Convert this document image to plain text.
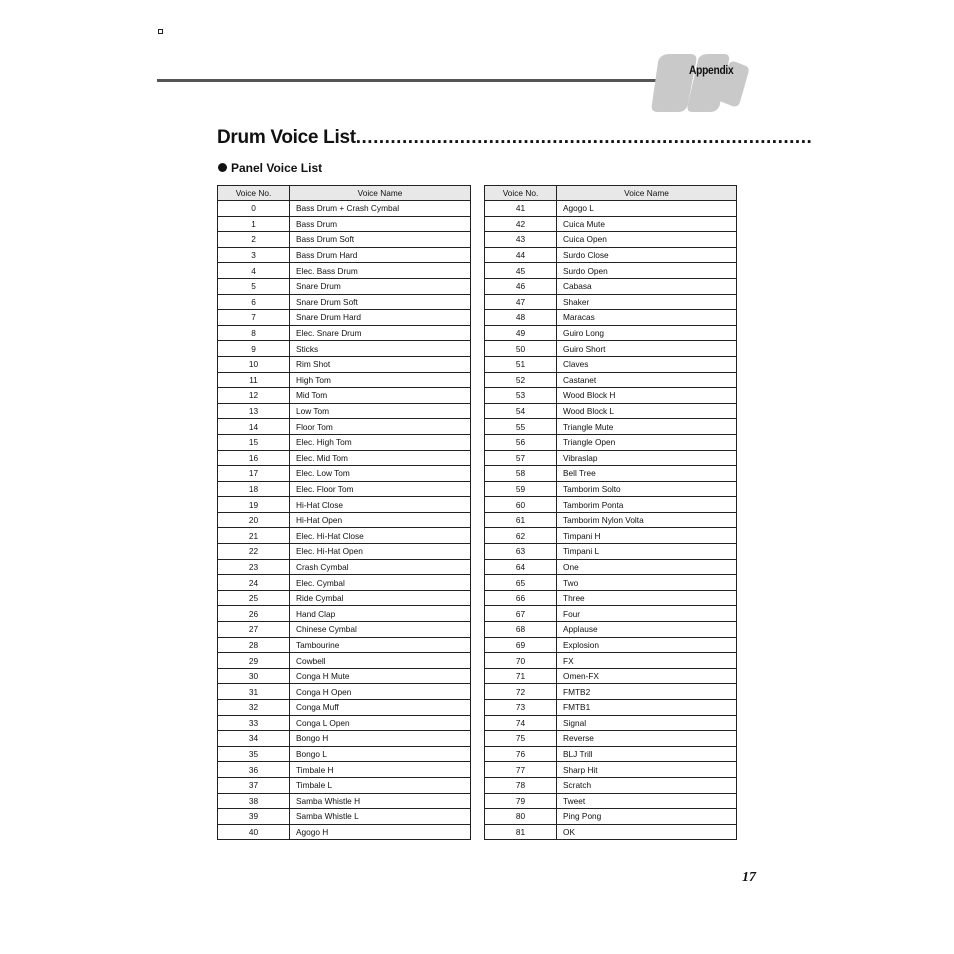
Appendix
Drum Voice List...............................................................................
Panel Voice List
Voice No.	Voice Name
0	Bass Drum + Crash Cymbal
1	Bass Drum
2	Bass Drum Soft
3	Bass Drum Hard
4	Elec. Bass Drum
5	Snare Drum
6	Snare Drum Soft
7	Snare Drum Hard
8	Elec. Snare Drum
9	Sticks
10	Rim Shot
11	High Tom
12	Mid Tom
13	Low Tom
14	Floor Tom
15	Elec. High Tom
16	Elec. Mid Tom
17	Elec. Low Tom
18	Elec. Floor Tom
19	Hi-Hat Close
20	Hi-Hat Open
21	Elec. Hi-Hat Close
22	Elec. Hi-Hat Open
23	Crash Cymbal
24	Elec. Cymbal
25	Ride Cymbal
26	Hand Clap
27	Chinese Cymbal
28	Tambourine
29	Cowbell
30	Conga H Mute
31	Conga H Open
32	Conga Muff
33	Conga L Open
34	Bongo H
35	Bongo L
36	Timbale H
37	Timbale L
38	Samba Whistle H
39	Samba Whistle L
40	Agogo H
Voice No.	Voice Name
41	Agogo L
42	Cuica Mute
43	Cuica Open
44	Surdo Close
45	Surdo Open
46	Cabasa
47	Shaker
48	Maracas
49	Guiro Long
50	Guiro Short
51	Claves
52	Castanet
53	Wood Block H
54	Wood Block L
55	Triangle Mute
56	Triangle Open
57	Vibraslap
58	Bell Tree
59	Tamborim Solto
60	Tamborim Ponta
61	Tamborim Nylon Volta
62	Timpani H
63	Timpani L
64	One
65	Two
66	Three
67	Four
68	Applause
69	Explosion
70	FX
71	Omen-FX
72	FMTB2
73	FMTB1
74	Signal
75	Reverse
76	BLJ Trill
77	Sharp Hit
78	Scratch
79	Tweet
80	Ping Pong
81	OK
17
